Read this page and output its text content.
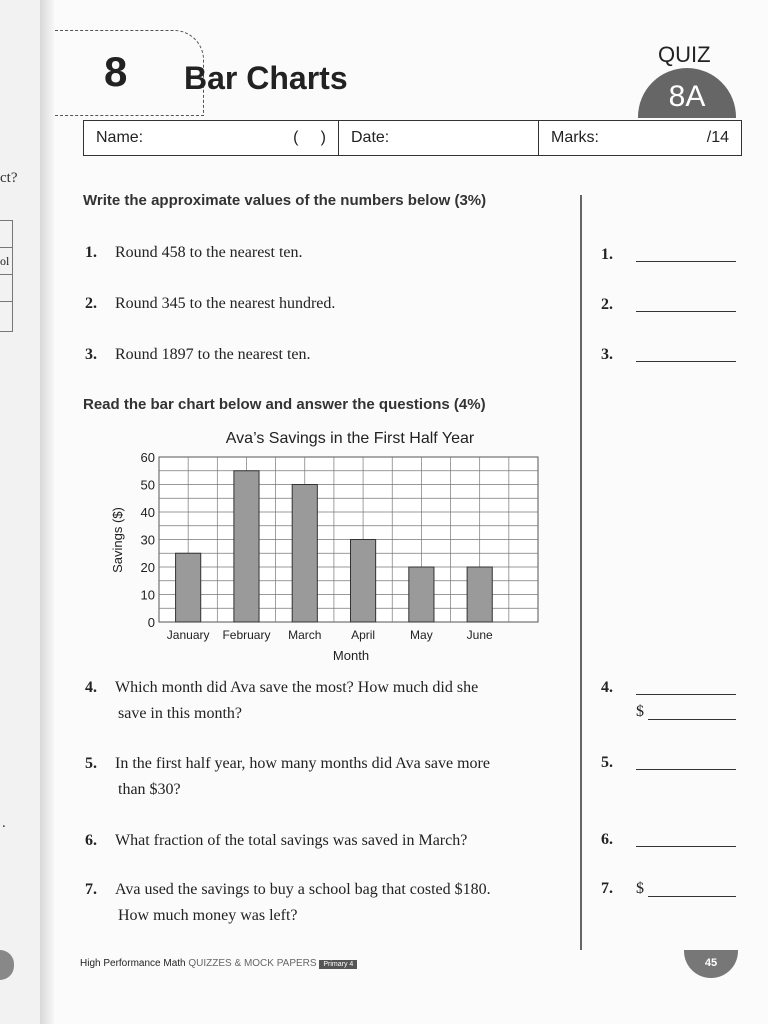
ct?
ol
.
8 Bar Charts
QUIZ
8A
Name:	(     ) Date:	Marks:	/14
Write the approximate values of the numbers below (3%)
1. Round 458 to the nearest ten.
2. Round 345 to the nearest hundred.
3. Round 1897 to the nearest ten.
1.
2.
3.
Read the bar chart below and answer the questions (4%)
Ava’s Savings in the First Half Year
0
10
20
30
40
50
60
January February March April	May	June
Savings ($)
Month
4. Which month did Ava save the most? How much did she
save in this month?
5. In the first half year, how many months did Ava save more
than $30?
6. What fraction of the total savings was saved in March?
7. Ava used the savings to buy a school bag that costed $180.
How much money was left?
4.
$
5.
6.
7. $
High Performance Math QUIZZES & MOCK PAPERS Primary 4	45
